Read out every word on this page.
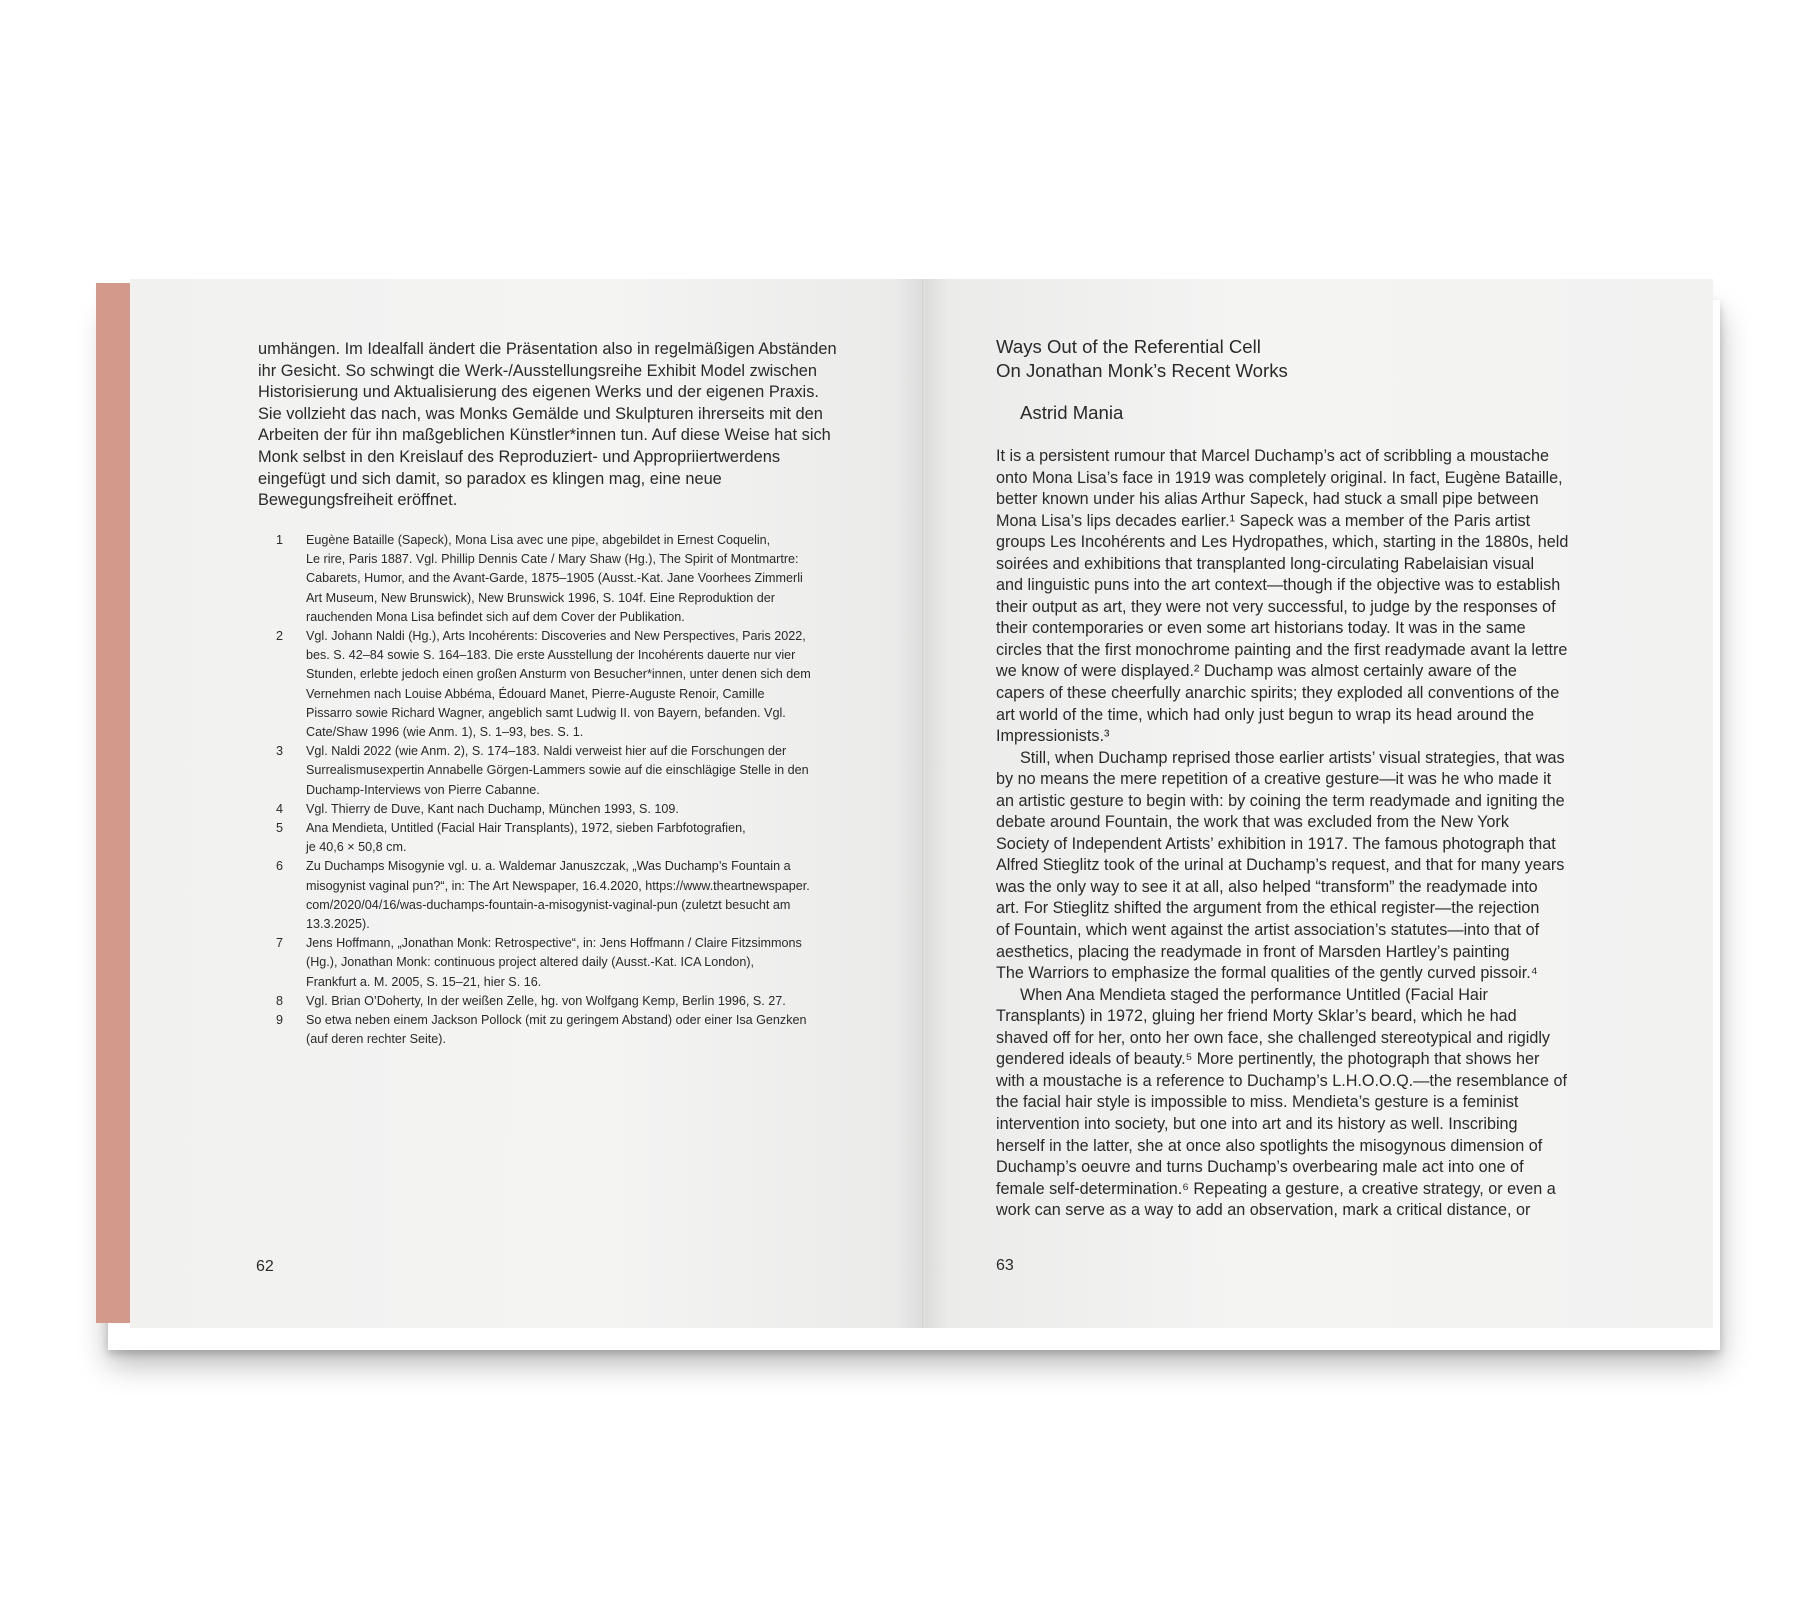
umhängen. Im Idealfall ändert die Präsentation also in regelmäßigen Abständen
ihr Gesicht. So schwingt die Werk-/Ausstellungsreihe Exhibit Model zwischen
Historisierung und Aktualisierung des eigenen Werks und der eigenen Praxis.
Sie vollzieht das nach, was Monks Gemälde und Skulpturen ihrerseits mit den
Arbeiten der für ihn maßgeblichen Künstler*innen tun. Auf diese Weise hat sich
Monk selbst in den Kreislauf des Reproduziert- und Appropriiertwerdens
eingefügt und sich damit, so paradox es klingen mag, eine neue
Bewegungsfreiheit eröffnet.
1	Eugène Bataille (Sapeck), Mona Lisa avec une pipe, abgebildet in Ernest Coquelin,
Le rire, Paris 1887. Vgl. Phillip Dennis Cate / Mary Shaw (Hg.), The Spirit of Montmartre:
Cabarets, Humor, and the Avant-Garde, 1875–1905 (Ausst.-Kat. Jane Voorhees Zimmerli
Art Museum, New Brunswick), New Brunswick 1996, S. 104f. Eine Reproduktion der
rauchenden Mona Lisa befindet sich auf dem Cover der Publikation.
2	Vgl. Johann Naldi (Hg.), Arts Incohérents: Discoveries and New Perspectives, Paris 2022,
bes. S. 42–84 sowie S. 164–183. Die erste Ausstellung der Incohérents dauerte nur vier
Stunden, erlebte jedoch einen großen Ansturm von Besucher*innen, unter denen sich dem
Vernehmen nach Louise Abbéma, Édouard Manet, Pierre-Auguste Renoir, Camille
Pissarro sowie Richard Wagner, angeblich samt Ludwig II. von Bayern, befanden. Vgl.
Cate/Shaw 1996 (wie Anm. 1), S. 1–93, bes. S. 1.
3	Vgl. Naldi 2022 (wie Anm. 2), S. 174–183. Naldi verweist hier auf die Forschungen der
Surrealismusexpertin Annabelle Görgen-Lammers sowie auf die einschlägige Stelle in den
Duchamp-Interviews von Pierre Cabanne.
4	Vgl. Thierry de Duve, Kant nach Duchamp, München 1993, S. 109.
5	Ana Mendieta, Untitled (Facial Hair Transplants), 1972, sieben Farbfotografien,
je 40,6 × 50,8 cm.
6	Zu Duchamps Misogynie vgl. u. a. Waldemar Januszczak, „Was Duchamp’s Fountain a
misogynist vaginal pun?“, in: The Art Newspaper, 16.4.2020, https://www.theartnewspaper.
com/2020/04/16/was-duchamps-fountain-a-misogynist-vaginal-pun (zuletzt besucht am
13.3.2025).
7	Jens Hoffmann, „Jonathan Monk: Retrospective“, in: Jens Hoffmann / Claire Fitzsimmons
(Hg.), Jonathan Monk: continuous project altered daily (Ausst.-Kat. ICA London),
Frankfurt a. M. 2005, S. 15–21, hier S. 16.
8	Vgl. Brian O’Doherty, In der weißen Zelle, hg. von Wolfgang Kemp, Berlin 1996, S. 27.
9	So etwa neben einem Jackson Pollock (mit zu geringem Abstand) oder einer Isa Genzken
(auf deren rechter Seite).
62
Ways Out of the Referential Cell
On Jonathan Monk’s Recent Works
Astrid Mania
It is a persistent rumour that Marcel Duchamp’s act of scribbling a moustache
onto Mona Lisa’s face in 1919 was completely original. In fact, Eugène Bataille,
better known under his alias Arthur Sapeck, had stuck a small pipe between
Mona Lisa’s lips decades earlier.¹ Sapeck was a member of the Paris artist
groups Les Incohérents and Les Hydropathes, which, starting in the 1880s, held
soirées and exhibitions that transplanted long-circulating Rabelaisian visual
and linguistic puns into the art context—though if the objective was to establish
their output as art, they were not very successful, to judge by the responses of
their contemporaries or even some art historians today. It was in the same
circles that the first monochrome painting and the first readymade avant la lettre
we know of were displayed.² Duchamp was almost certainly aware of the
capers of these cheerfully anarchic spirits; they exploded all conventions of the
art world of the time, which had only just begun to wrap its head around the
Impressionists.³
Still, when Duchamp reprised those earlier artists’ visual strategies, that was
by no means the mere repetition of a creative gesture—it was he who made it
an artistic gesture to begin with: by coining the term readymade and igniting the
debate around Fountain, the work that was excluded from the New York
Society of Independent Artists’ exhibition in 1917. The famous photograph that
Alfred Stieglitz took of the urinal at Duchamp’s request, and that for many years
was the only way to see it at all, also helped “transform” the readymade into
art. For Stieglitz shifted the argument from the ethical register—the rejection
of Fountain, which went against the artist association’s statutes—into that of
aesthetics, placing the readymade in front of Marsden Hartley’s painting
The Warriors to emphasize the formal qualities of the gently curved pissoir.⁴
When Ana Mendieta staged the performance Untitled (Facial Hair
Transplants) in 1972, gluing her friend Morty Sklar’s beard, which he had
shaved off for her, onto her own face, she challenged stereotypical and rigidly
gendered ideals of beauty.⁵ More pertinently, the photograph that shows her
with a moustache is a reference to Duchamp’s L.H.O.O.Q.—the resemblance of
the facial hair style is impossible to miss. Mendieta’s gesture is a feminist
intervention into society, but one into art and its history as well. Inscribing
herself in the latter, she at once also spotlights the misogynous dimension of
Duchamp’s oeuvre and turns Duchamp’s overbearing male act into one of
female self-determination.⁶ Repeating a gesture, a creative strategy, or even a
work can serve as a way to add an observation, mark a critical distance, or
63
